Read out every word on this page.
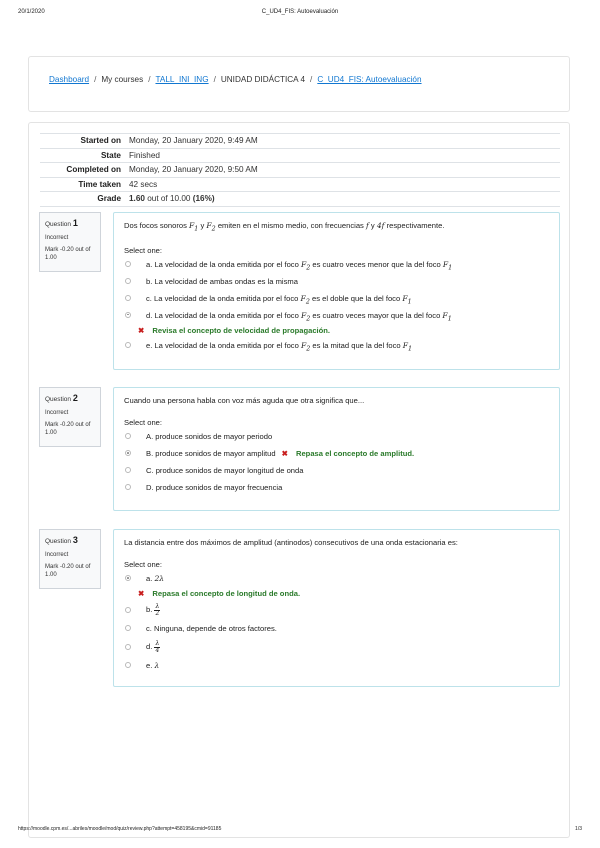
20/1/2020	C_UD4_FIS: Autoevaluación
Dashboard / My courses / TALL_INI_ING / UNIDAD DIDÁCTICA 4 / C_UD4_FIS: Autoevaluación
Started on	Monday, 20 January 2020, 9:49 AM
State	Finished
Completed on	Monday, 20 January 2020, 9:50 AM
Time taken	42 secs
Grade	1.60 out of 10.00 (16%)
Question 1
Incorrect
Mark -0.20 out of 1.00
Dos focos sonoros $F_1$ y $F_2$ emiten en el mismo medio, con frecuencias f y 4f respectivamente.
Select one:
a. La velocidad de la onda emitida por el foco $F_2$ es cuatro veces menor que la del foco $F_1$
b. La velocidad de ambas ondas es la misma
c. La velocidad de la onda emitida por el foco $F_2$ es el doble que la del foco $F_1$
d. La velocidad de la onda emitida por el foco $F_2$ es cuatro veces mayor que la del foco $F_1$
✖ Revisa el concepto de velocidad de propagación.
e. La velocidad de la onda emitida por el foco $F_2$ es la mitad que la del foco $F_1$
Question 2
Incorrect
Mark -0.20 out of 1.00
Cuando una persona habla con voz más aguda que otra significa que...
Select one:
A. produce sonidos de mayor periodo
B. produce sonidos de mayor amplitud ✖ Repasa el concepto de amplitud.
C. produce sonidos de mayor longitud de onda
D. produce sonidos de mayor frecuencia
Question 3
Incorrect
Mark -0.20 out of 1.00
La distancia entre dos máximos de amplitud (antinodos) consecutivos de una onda estacionaria es:
Select one:
a. 2λ
✖ Repasa el concepto de longitud de onda.
b. $\frac{\lambda}{2}$
c. Ninguna, depende de otros factores.
d. $\frac{\lambda}{4}$
e. λ
https://moodle.cpm.es/...abriles/moodle/mod/quiz/review.php?attempt=458195&cmid=91185	1/3
